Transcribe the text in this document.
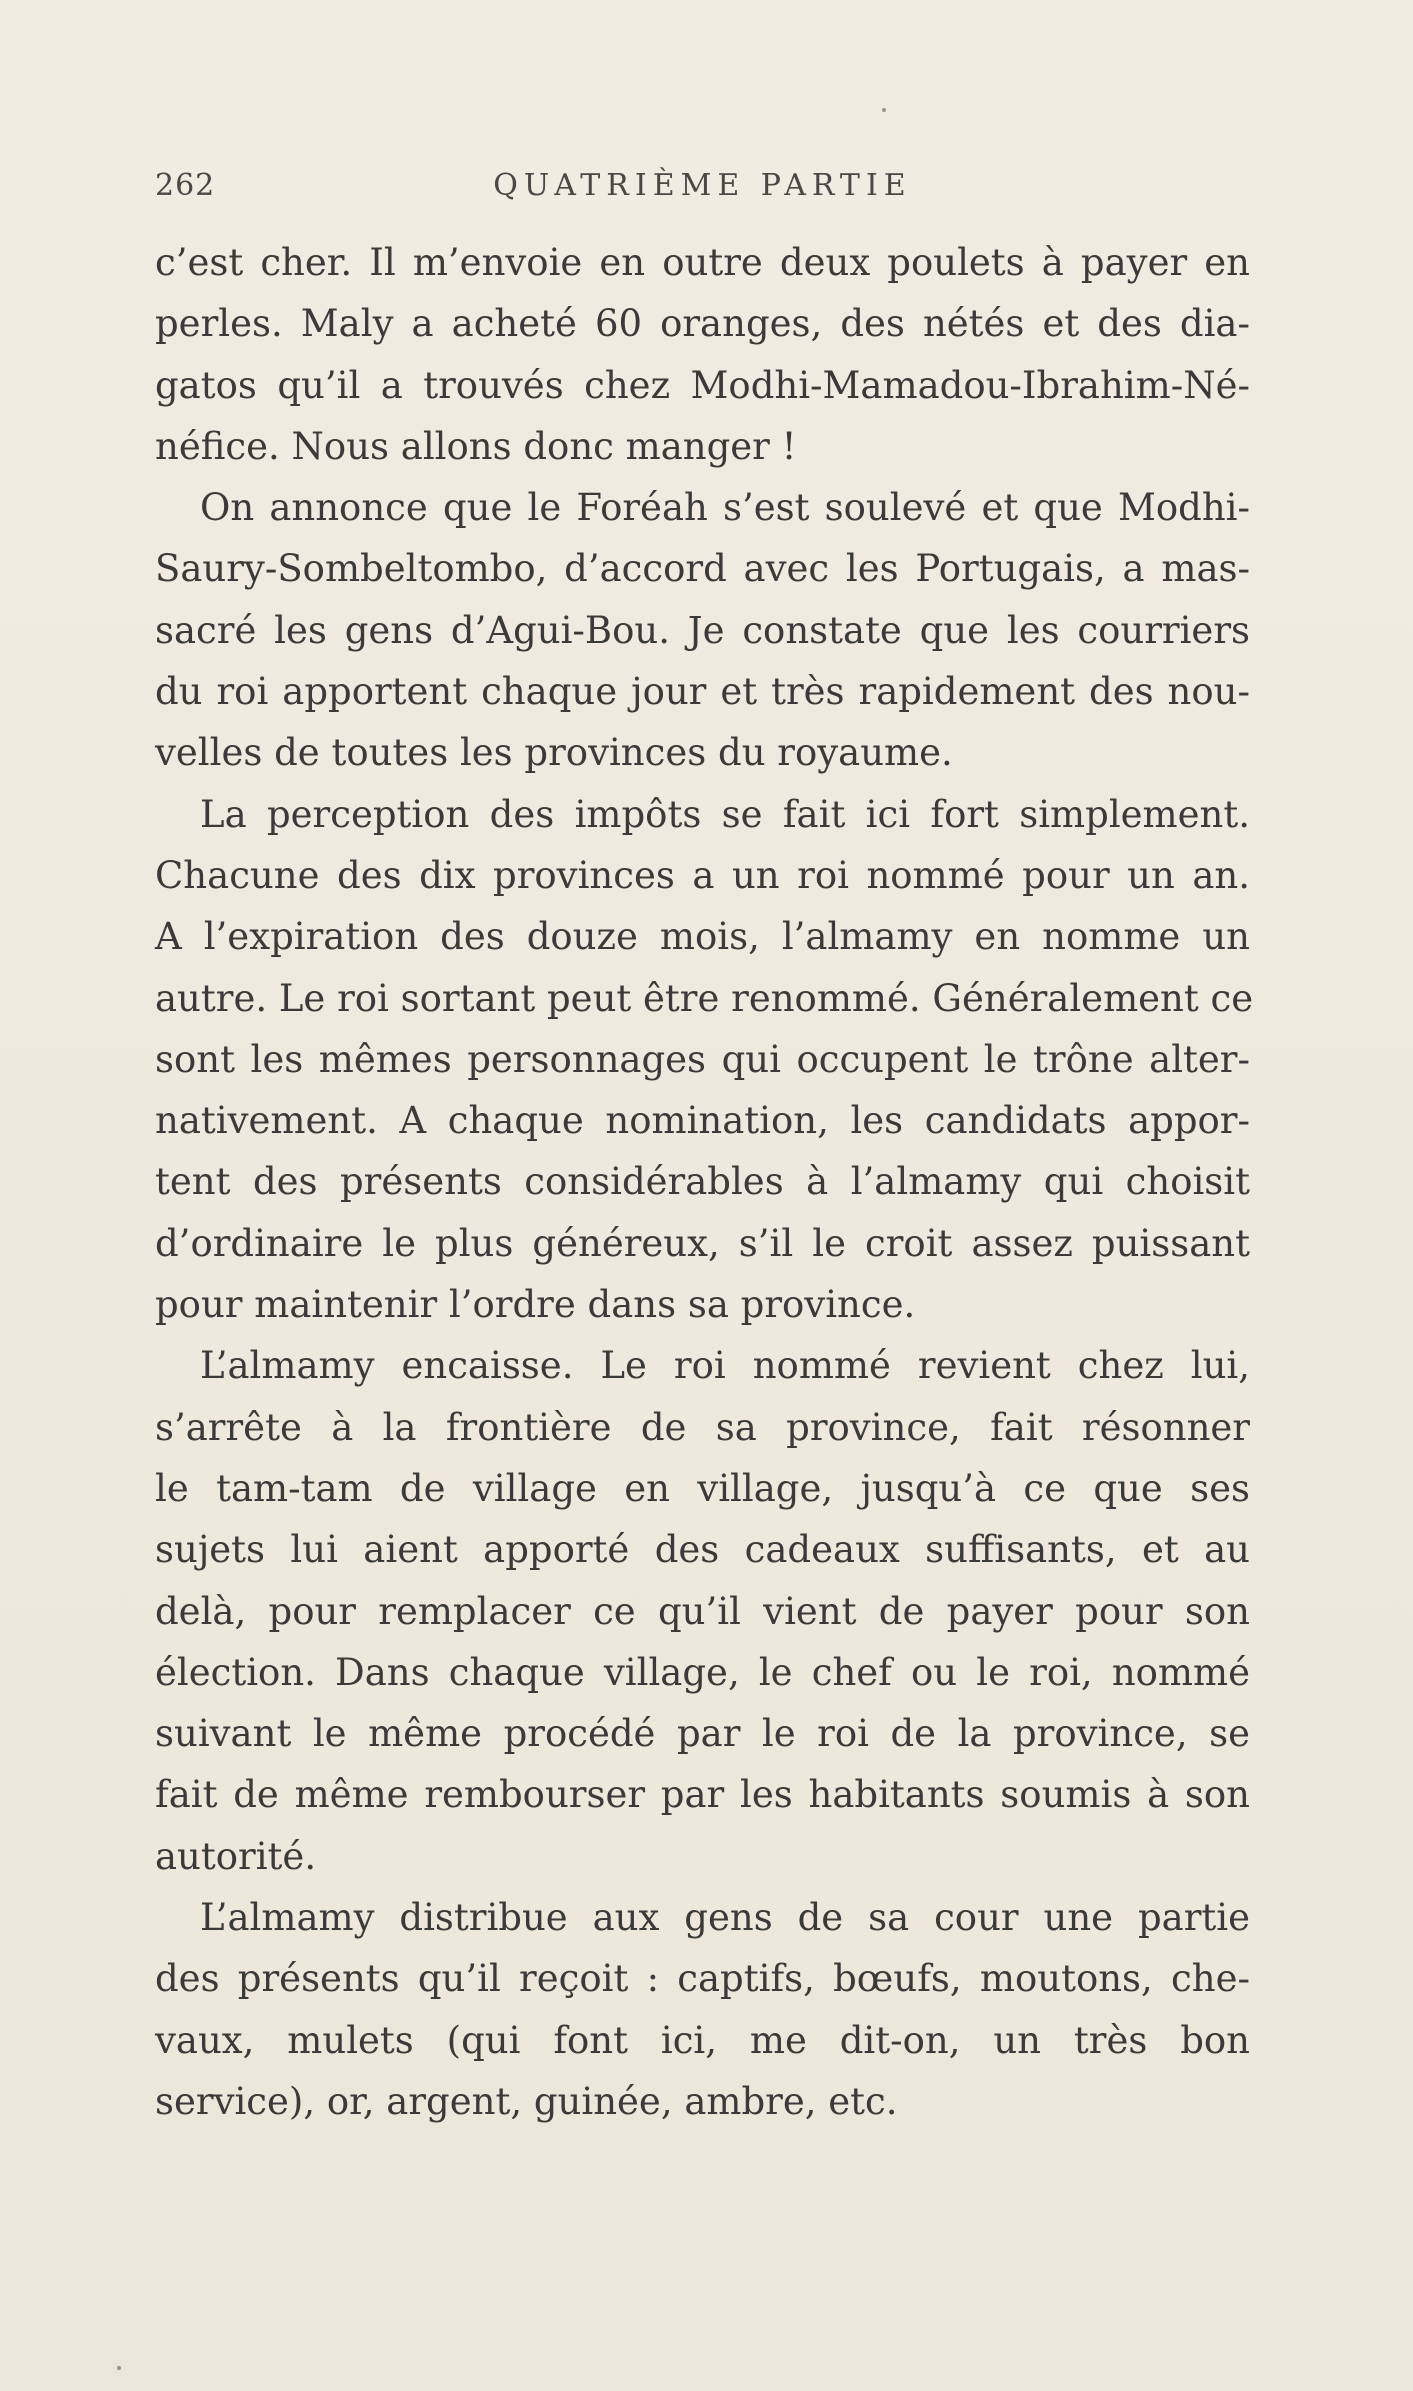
262	QUATRIÈME PARTIE
c’est cher. Il m’envoie en outre deux poulets à payer en
perles. Maly a acheté 60 oranges, des nétés et des dia-
gatos qu’il a trouvés chez Modhi-Mamadou-Ibrahim-Né-
néfice. Nous allons donc manger !
On annonce que le Foréah s’est soulevé et que Modhi-
Saury-Sombeltombo, d’accord avec les Portugais, a mas-
sacré les gens d’Agui-Bou. Je constate que les courriers
du roi apportent chaque jour et très rapidement des nou-
velles de toutes les provinces du royaume.
La perception des impôts se fait ici fort simplement.
Chacune des dix provinces a un roi nommé pour un an.
A l’expiration des douze mois, l’almamy en nomme un
autre. Le roi sortant peut être renommé. Généralement ce
sont les mêmes personnages qui occupent le trône alter-
nativement. A chaque nomination, les candidats appor-
tent des présents considérables à l’almamy qui choisit
d’ordinaire le plus généreux, s’il le croit assez puissant
pour maintenir l’ordre dans sa province.
L’almamy encaisse. Le roi nommé revient chez lui,
s’arrête à la frontière de sa province, fait résonner
le tam-tam de village en village, jusqu’à ce que ses
sujets lui aient apporté des cadeaux suffisants, et au
delà, pour remplacer ce qu’il vient de payer pour son
élection. Dans chaque village, le chef ou le roi, nommé
suivant le même procédé par le roi de la province, se
fait de même rembourser par les habitants soumis à son
autorité.
L’almamy distribue aux gens de sa cour une partie
des présents qu’il reçoit : captifs, bœufs, moutons, che-
vaux, mulets (qui font ici, me dit-on, un très bon
service), or, argent, guinée, ambre, etc.
